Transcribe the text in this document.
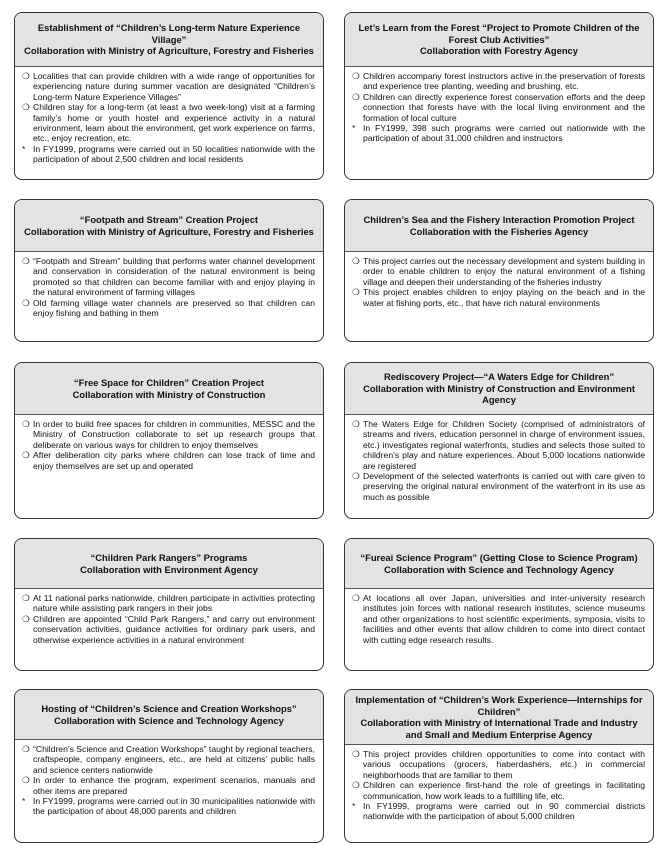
Establishment of “Children’s Long-term Nature Experience Village”
Collaboration with Ministry of Agriculture, Forestry and Fisheries
❍ Localities that can provide children with a wide range of opportunities for experiencing nature during summer vacation are designated “Children’s Long-term Nature Experience Villages”
❍ Children stay for a long-term (at least a two week-long) visit at a farming family’s home or youth hostel and experience activity in a natural environment, learn about the environment, get work experience on farms, etc., enjoy recreation, etc.
* In FY1999, programs were carried out in 50 localities nationwide with the participation of about 2,500 children and local residents
Let’s Learn from the Forest “Project to Promote Children of the Forest Club Activities”
Collaboration with Forestry Agency
❍ Children accompany forest instructors active in the preservation of forests and experience tree planting, weeding and brushing, etc.
❍ Children can directly experience forest conservation efforts and the deep connection that forests have with the local living environment and the formation of local culture
* In FY1999, 398 such programs were carried out nationwide with the participation of about 31,000 children and instructors
“Footpath and Stream” Creation Project
Collaboration with Ministry of Agriculture, Forestry and Fisheries
❍ “Footpath and Stream” building that performs water channel development and conservation in consideration of the natural environment is being promoted so that children can become familiar with and enjoy playing in the natural environment of farming villages
❍ Old farming village water channels are preserved so that children can enjoy fishing and bathing in them
Children’s Sea and the Fishery Interaction Promotion Project
Collaboration with the Fisheries Agency
❍ This project carries out the necessary development and system building in order to enable children to enjoy the natural environment of a fishing village and deepen their understanding of the fisheries industry
❍ This project enables children to enjoy playing on the beach and in the water at fishing ports, etc., that have rich natural environments
“Free Space for Children” Creation Project
Collaboration with Ministry of Construction
❍ In order to build free spaces for children in communities, MESSC and the Ministry of Construction collaborate to set up research groups that deliberate on various ways for children to enjoy themselves
❍ After deliberation city parks where children can lose track of time and enjoy themselves are set up and operated
Rediscovery Project—“A Waters Edge for Children”
Collaboration with Ministry of Construction and Environment Agency
❍ The Waters Edge for Children Society (comprised of administrators of streams and rivers, education personnel in charge of environment issues, etc.) investigates regional waterfronts, studies and selects those suited to children’s play and nature experiences. About 5,000 locations nationwide are registered
❍ Development of the selected waterfronts is carried out with care given to preserving the original natural environment of the waterfront in its use as much as possible
“Children Park Rangers” Programs
Collaboration with Environment Agency
❍ At 11 national parks nationwide, children participate in activities protecting nature while assisting park rangers in their jobs
❍ Children are appointed “Child Park Rangers,” and carry out environment conservation activities, guidance activities for ordinary park users, and otherwise experience activities in a natural environment
“Fureai Science Program” (Getting Close to Science Program)
Collaboration with Science and Technology Agency
❍ At locations all over Japan, universities and inter-university research institutes join forces with national research institutes, science museums and other organizations to host scientific experiments, symposia, visits to facilities and other events that allow children to come into direct contact with cutting edge research results.
Hosting of “Children’s Science and Creation Workshops”
Collaboration with Science and Technology Agency
❍ “Children’s Science and Creation Workshops” taught by regional teachers, craftspeople, company engineers, etc., are held at citizens’ public halls and science centers nationwide
❍ In order to enhance the program, experiment scenarios, manuals and other items are prepared
* In FY1999, programs were carried out in 30 municipalities nationwide with the participation of about 48,000 parents and children
Implementation of “Children’s Work Experience—Internships for Children”
Collaboration with Ministry of International Trade and Industry and Small and Medium Enterprise Agency
❍ This project provides children opportunities to come into contact with various occupations (grocers, haberdashers, etc.) in commercial neighborhoods that are familiar to them
❍ Children can experience first-hand the role of greetings in facilitating communication, how work leads to a fulfilling life, etc.
* In FY1999, programs were carried out in 90 commercial districts nationwide with the participation of about 5,000 children
